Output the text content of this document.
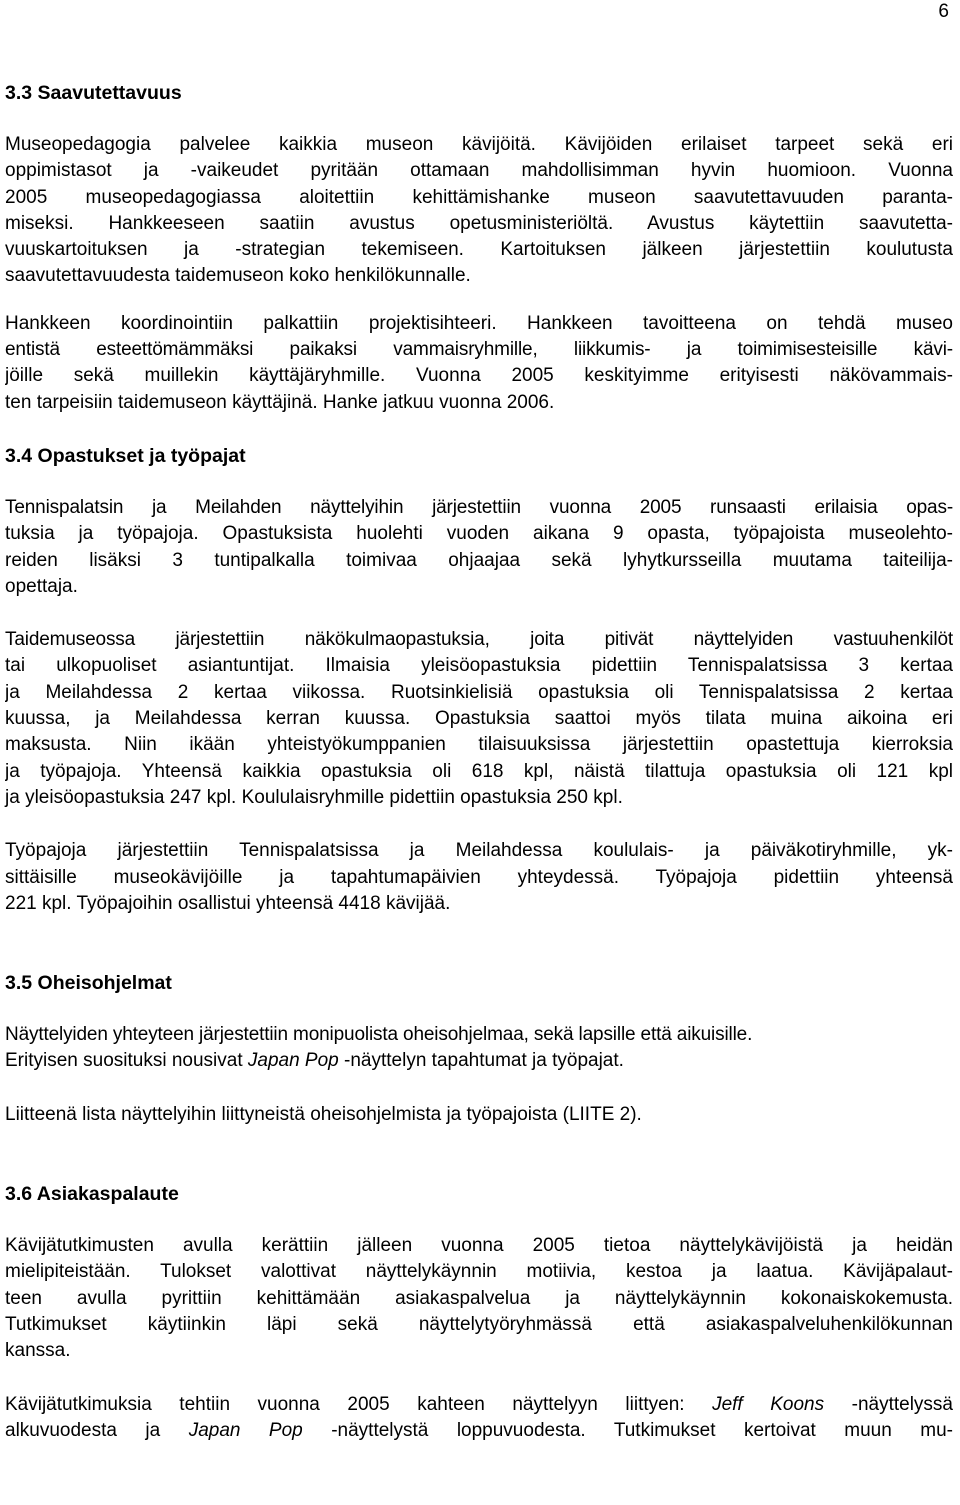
6
3.3 Saavutettavuus
Museopedagogia palvelee kaikkia museon kävijöitä. Kävijöiden erilaiset tarpeet sekä eri
oppimistasot ja -vaikeudet pyritään ottamaan mahdollisimman hyvin huomioon. Vuonna
2005 museopedagogiassa aloitettiin kehittämishanke museon saavutettavuuden paranta-
miseksi. Hankkeeseen saatiin avustus opetusministeriöltä. Avustus käytettiin saavutetta-
vuuskartoituksen ja -strategian tekemiseen. Kartoituksen jälkeen järjestettiin koulutusta
saavutettavuudesta taidemuseon koko henkilökunnalle.
Hankkeen koordinointiin palkattiin projektisihteeri. Hankkeen tavoitteena on tehdä museo
entistä esteettömämmäksi paikaksi vammaisryhmille, liikkumis- ja toimimisesteisille kävi-
jöille sekä muillekin käyttäjäryhmille. Vuonna 2005 keskityimme erityisesti näkövammais-
ten tarpeisiin taidemuseon käyttäjinä. Hanke jatkuu vuonna 2006.
3.4 Opastukset ja työpajat
Tennispalatsin ja Meilahden näyttelyihin järjestettiin vuonna 2005 runsaasti erilaisia opas-
tuksia ja työpajoja. Opastuksista huolehti vuoden aikana 9 opasta, työpajoista museolehto-
reiden lisäksi 3 tuntipalkalla toimivaa ohjaajaa sekä lyhytkursseilla muutama taiteilija-
opettaja.
Taidemuseossa järjestettiin näkökulmaopastuksia, joita pitivät näyttelyiden vastuuhenkilöt
tai ulkopuoliset asiantuntijat. Ilmaisia yleisöopastuksia pidettiin Tennispalatsissa 3 kertaa
ja Meilahdessa 2 kertaa viikossa. Ruotsinkielisiä opastuksia oli Tennispalatsissa 2 kertaa
kuussa, ja Meilahdessa kerran kuussa. Opastuksia saattoi myös tilata muina aikoina eri
maksusta. Niin ikään yhteistyökumppanien tilaisuuksissa järjestettiin opastettuja kierroksia
ja työpajoja. Yhteensä kaikkia opastuksia oli 618 kpl, näistä tilattuja opastuksia oli 121 kpl
ja yleisöopastuksia 247 kpl. Koululaisryhmille pidettiin opastuksia 250 kpl.
Työpajoja järjestettiin Tennispalatsissa ja Meilahdessa koululais- ja päiväkotiryhmille, yk-
sittäisille museokävijöille ja tapahtumapäivien yhteydessä. Työpajoja pidettiin yhteensä
221 kpl. Työpajoihin osallistui yhteensä 4418 kävijää.
3.5 Oheisohjelmat
Näyttelyiden yhteyteen järjestettiin monipuolista oheisohjelmaa, sekä lapsille että aikuisille.
Erityisen suosituksi nousivat Japan Pop -näyttelyn tapahtumat ja työpajat.
Liitteenä lista näyttelyihin liittyneistä oheisohjelmista ja työpajoista (LIITE 2).
3.6 Asiakaspalaute
Kävijätutkimusten avulla kerättiin jälleen vuonna 2005 tietoa näyttelykävijöistä ja heidän
mielipiteistään. Tulokset valottivat näyttelykäynnin motiivia, kestoa ja laatua. Kävijäpalaut-
teen avulla pyrittiin kehittämään asiakaspalvelua ja näyttelykäynnin kokonaiskokemusta.
Tutkimukset käytiinkin läpi sekä näyttelytyöryhmässä että asiakaspalveluhenkilökunnan
kanssa.
Kävijätutkimuksia tehtiin vuonna 2005 kahteen näyttelyyn liittyen: Jeff Koons -näyttelyssä
alkuvuodesta ja Japan Pop -näyttelystä loppuvuodesta. Tutkimukset kertoivat muun mu-
